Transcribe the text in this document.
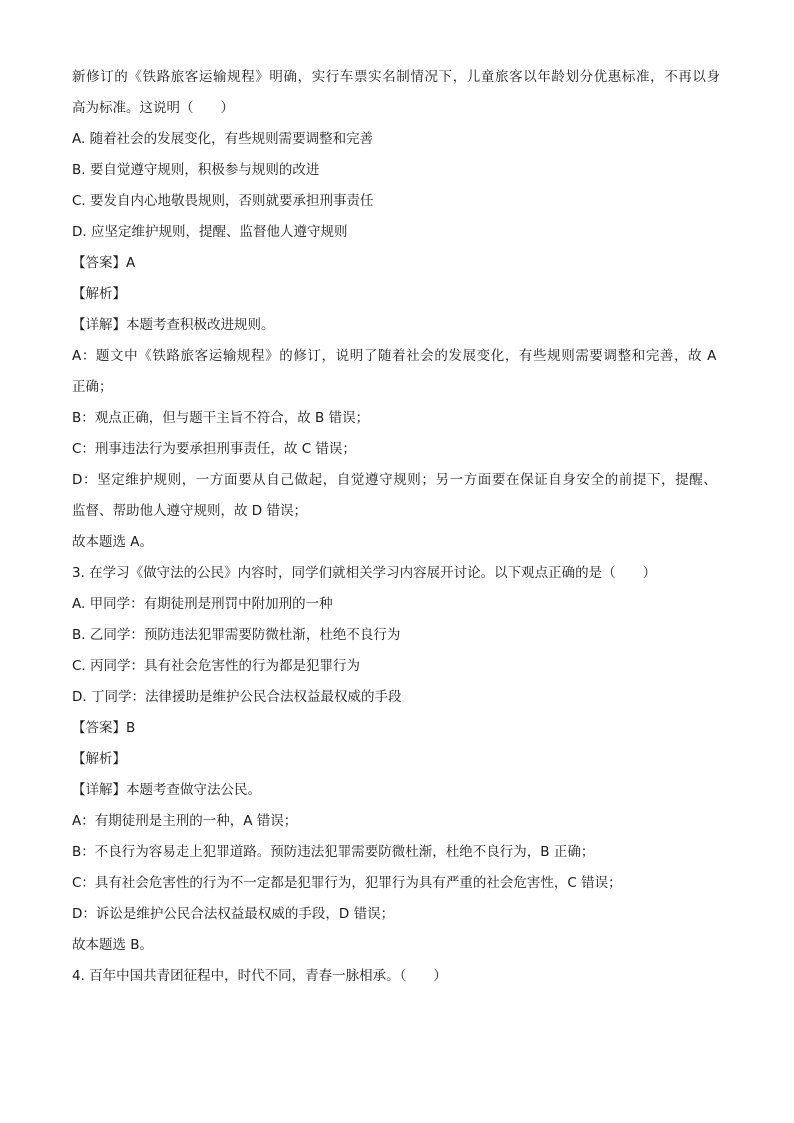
新修订的《铁路旅客运输规程》明确，实行车票实名制情况下，儿童旅客以年龄划分优惠标准，不再以身

高为标准。这说明（　　）

A. 随着社会的发展变化，有些规则需要调整和完善

B. 要自觉遵守规则，积极参与规则的改进

C. 要发自内心地敬畏规则，否则就要承担刑事责任

D. 应坚定维护规则，提醒、监督他人遵守规则

【答案】A

【解析】

【详解】本题考查积极改进规则。

A：题文中《铁路旅客运输规程》的修订，说明了随着社会的发展变化，有些规则需要调整和完善，故 A

正确；

B：观点正确，但与题干主旨不符合，故 B 错误；

C：刑事违法行为要承担刑事责任，故 C 错误；

D：坚定维护规则，一方面要从自己做起，自觉遵守规则；另一方面要在保证自身安全的前提下，提醒、

监督、帮助他人遵守规则，故 D 错误；

故本题选 A。

3. 在学习《做守法的公民》内容时，同学们就相关学习内容展开讨论。以下观点正确的是（　　）

A. 甲同学：有期徒刑是刑罚中附加刑的一种

B. 乙同学：预防违法犯罪需要防微杜渐，杜绝不良行为

C. 丙同学：具有社会危害性的行为都是犯罪行为

D. 丁同学：法律援助是维护公民合法权益最权威的手段

【答案】B

【解析】

【详解】本题考查做守法公民。

A：有期徒刑是主刑的一种，A 错误；

B：不良行为容易走上犯罪道路。预防违法犯罪需要防微杜渐，杜绝不良行为，B 正确；

C：具有社会危害性的行为不一定都是犯罪行为，犯罪行为具有严重的社会危害性，C 错误；

D：诉讼是维护公民合法权益最权威的手段，D 错误；

故本题选 B。

4. 百年中国共青团征程中，时代不同，青春一脉相承。（　　）
